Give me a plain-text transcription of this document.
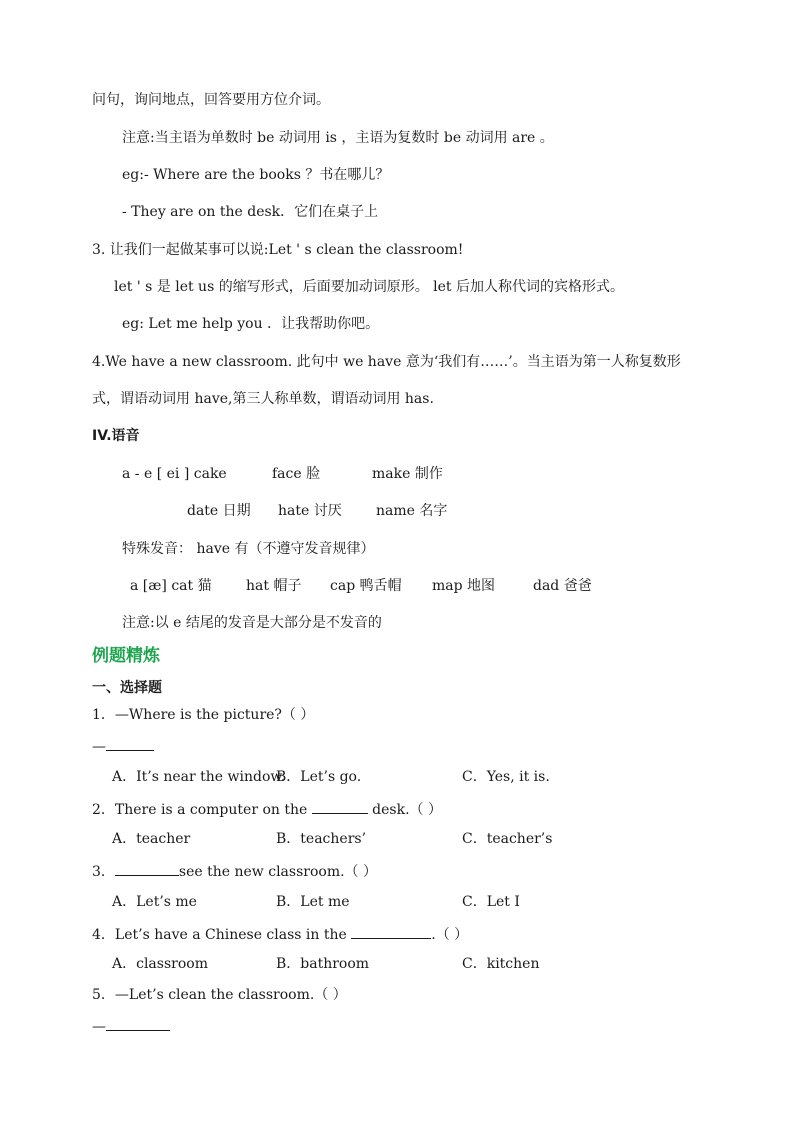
问句，询问地点，回答要用方位介词。
注意:当主语为单数时 be 动词用 is ，主语为复数时 be 动词用 are 。
eg:- Where are the books ？书在哪儿？
- They are on the desk．它们在桌子上
3. 让我们一起做某事可以说:Let ' s clean the classroom!
let ' s 是 let us 的缩写形式，后面要加动词原形。 let 后加人称代词的宾格形式。
eg: Let me help you ．让我帮助你吧。
4.We have a new classroom. 此句中 we have 意为‘我们有……’。当主语为第一人称复数形
式，谓语动词用 have,第三人称单数，谓语动词用 has.
IV.语音
a - e [ ei ] cake	face 脸	make 制作
date 日期 hate 讨厌 name 名字
特殊发音： have 有（不遵守发音规律）
a [æ] cat 猫 hat 帽子 cap 鸭舌帽 map 地图	dad 爸爸
注意:以 e 结尾的发音是大部分是不发音的
例题精炼
一、选择题
1．—Where is the picture?（ ）
—
A．It’s near the window.
B．Let’s go.	C．Yes, it is.
2．There is a computer on the	desk.（ ）
A．teacher	B．teachers’	C．teacher’s
3．	see the new classroom.（ ）
A．Let’s me	B．Let me	C．Let I
4．Let’s have a Chinese class in the	.（ ）
A．classroom	B．bathroom	C．kitchen
5．—Let’s clean the classroom.（ ）
—
